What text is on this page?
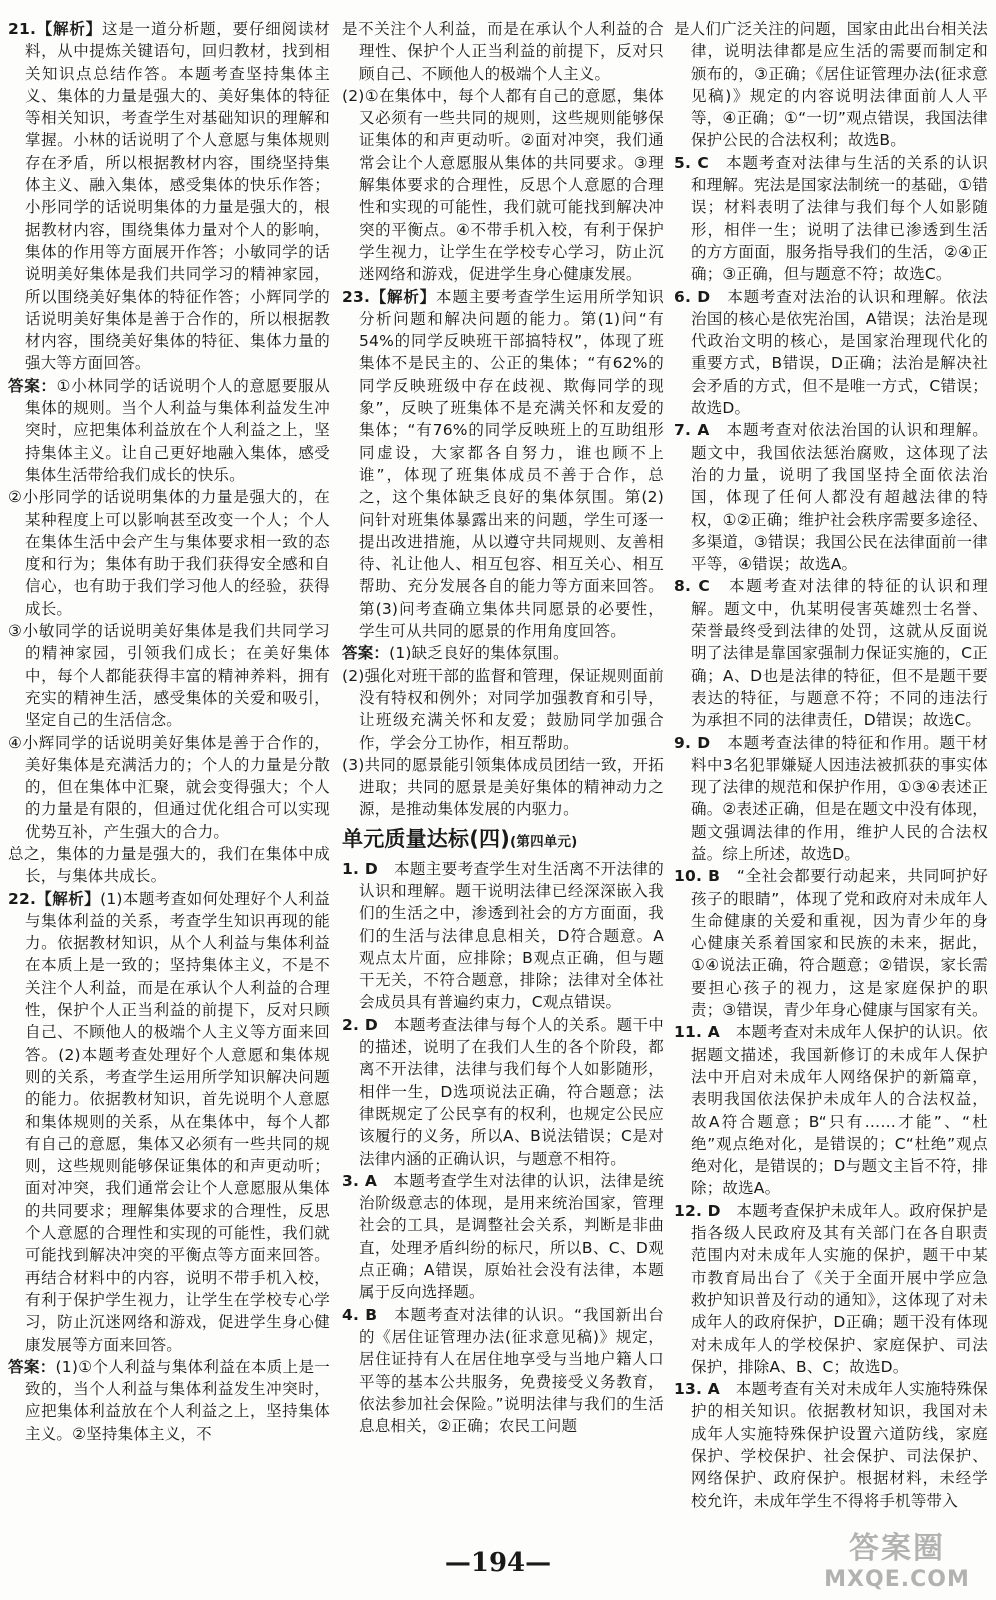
21.【解析】这是一道分析题，要仔细阅读材料，从中提炼关键语句，回归教材，找到相关知识点总结作答。本题考查坚持集体主义、集体的力量是强大的、美好集体的特征等相关知识，考查学生对基础知识的理解和掌握。小林的话说明了个人意愿与集体规则存在矛盾，所以根据教材内容，围绕坚持集体主义、融入集体，感受集体的快乐作答；小彤同学的话说明集体的力量是强大的，根据教材内容，围绕集体力量对个人的影响，集体的作用等方面展开作答；小敏同学的话说明美好集体是我们共同学习的精神家园，所以围绕美好集体的特征作答；小辉同学的话说明美好集体是善于合作的，所以根据教材内容，围绕美好集体的特征、集体力量的强大等方面回答。

答案：①小林同学的话说明个人的意愿要服从集体的规则。当个人利益与集体利益发生冲突时，应把集体利益放在个人利益之上，坚持集体主义。让自己更好地融入集体，感受集体生活带给我们成长的快乐。

②小彤同学的话说明集体的力量是强大的，在某种程度上可以影响甚至改变一个人；个人在集体生活中会产生与集体要求相一致的态度和行为；集体有助于我们获得安全感和自信心，也有助于我们学习他人的经验，获得成长。

③小敏同学的话说明美好集体是我们共同学习的精神家园，引领我们成长；在美好集体中，每个人都能获得丰富的精神养料，拥有充实的精神生活，感受集体的关爱和吸引，坚定自己的生活信念。

④小辉同学的话说明美好集体是善于合作的，美好集体是充满活力的；个人的力量是分散的，但在集体中汇聚，就会变得强大；个人的力量是有限的，但通过优化组合可以实现优势互补，产生强大的合力。

总之，集体的力量是强大的，我们在集体中成长，与集体共成长。

22.【解析】(1)本题考查如何处理好个人利益与集体利益的关系，考查学生知识再现的能力。依据教材知识，从个人利益与集体利益在本质上是一致的；坚持集体主义，不是不关注个人利益，而是在承认个人利益的合理性，保护个人正当利益的前提下，反对只顾自己、不顾他人的极端个人主义等方面来回答。(2)本题考查处理好个人意愿和集体规则的关系，考查学生运用所学知识解决问题的能力。依据教材知识，首先说明个人意愿和集体规则的关系，从在集体中，每个人都有自己的意愿，集体又必须有一些共同的规则，这些规则能够保证集体的和声更动听；面对冲突，我们通常会让个人意愿服从集体的共同要求；理解集体要求的合理性，反思个人意愿的合理性和实现的可能性，我们就可能找到解决冲突的平衡点等方面来回答。再结合材料中的内容，说明不带手机入校，有利于保护学生视力，让学生在学校专心学习，防止沉迷网络和游戏，促进学生身心健康发展等方面来回答。

答案：(1)①个人利益与集体利益在本质上是一致的，当个人利益与集体利益发生冲突时，应把集体利益放在个人利益之上，坚持集体主义。②坚持集体主义，不

是不关注个人利益，而是在承认个人利益的合理性、保护个人正当利益的前提下，反对只顾自己、不顾他人的极端个人主义。

(2)①在集体中，每个人都有自己的意愿，集体又必须有一些共同的规则，这些规则能够保证集体的和声更动听。②面对冲突，我们通常会让个人意愿服从集体的共同要求。③理解集体要求的合理性，反思个人意愿的合理性和实现的可能性，我们就可能找到解决冲突的平衡点。④不带手机入校，有利于保护学生视力，让学生在学校专心学习，防止沉迷网络和游戏，促进学生身心健康发展。

23.【解析】本题主要考查学生运用所学知识分析问题和解决问题的能力。第(1)问“有54%的同学反映班干部搞特权”，体现了班集体不是民主的、公正的集体；“有62%的同学反映班级中存在歧视、欺侮同学的现象”，反映了班集体不是充满关怀和友爱的集体；“有76%的同学反映班上的互助组形同虚设，大家都各自努力，谁也顾不上谁”，体现了班集体成员不善于合作，总之，这个集体缺乏良好的集体氛围。第(2)问针对班集体暴露出来的问题，学生可逐一提出改进措施，从以遵守共同规则、友善相待、礼让他人、相互包容、相互关心、相互帮助、充分发展各自的能力等方面来回答。第(3)问考查确立集体共同愿景的必要性，学生可从共同的愿景的作用角度回答。

答案：(1)缺乏良好的集体氛围。

(2)强化对班干部的监督和管理，保证规则面前没有特权和例外；对同学加强教育和引导，让班级充满关怀和友爱；鼓励同学加强合作，学会分工协作，相互帮助。

(3)共同的愿景能引领集体成员团结一致，开拓进取；共同的愿景是美好集体的精神动力之源，是推动集体发展的内驱力。

单元质量达标(四)(第四单元)

1. D　本题主要考查学生对生活离不开法律的认识和理解。题干说明法律已经深深嵌入我们的生活之中，渗透到社会的方方面面，我们的生活与法律息息相关，D符合题意。A观点太片面，应排除；B观点正确，但与题干无关，不符合题意，排除；法律对全体社会成员具有普遍约束力，C观点错误。

2. D　本题考查法律与每个人的关系。题干中的描述，说明了在我们人生的各个阶段，都离不开法律，法律与我们每个人如影随形，相伴一生，D选项说法正确，符合题意；法律既规定了公民享有的权利，也规定公民应该履行的义务，所以A、B说法错误；C是对法律内涵的正确认识，与题意不相符。

3. A　本题考查学生对法律的认识，法律是统治阶级意志的体现，是用来统治国家，管理社会的工具，是调整社会关系，判断是非曲直，处理矛盾纠纷的标尺，所以B、C、D观点正确；A错误，原始社会没有法律，本题属于反向选择题。

4. B　本题考查对法律的认识。“我国新出台的《居住证管理办法(征求意见稿)》规定，居住证持有人在居住地享受与当地户籍人口平等的基本公共服务，免费接受义务教育，依法参加社会保险。”说明法律与我们的生活息息相关，②正确；农民工问题

是人们广泛关注的问题，国家由此出台相关法律，说明法律都是应生活的需要而制定和颁布的，③正确；《居住证管理办法(征求意见稿)》规定的内容说明法律面前人人平等，④正确；①“一切”观点错误，我国法律保护公民的合法权利；故选B。

5. C　本题考查对法律与生活的关系的认识和理解。宪法是国家法制统一的基础，①错误；材料表明了法律与我们每个人如影随形，相伴一生；说明了法律已渗透到生活的方方面面，服务指导我们的生活，②④正确；③正确，但与题意不符；故选C。

6. D　本题考查对法治的认识和理解。依法治国的核心是依宪治国，A错误；法治是现代政治文明的核心，是国家治理现代化的重要方式，B错误，D正确；法治是解决社会矛盾的方式，但不是唯一方式，C错误；故选D。

7. A　本题考查对依法治国的认识和理解。题文中，我国依法惩治腐败，这体现了法治的力量，说明了我国坚持全面依法治国，体现了任何人都没有超越法律的特权，①②正确；维护社会秩序需要多途径、多渠道，③错误；我国公民在法律面前一律平等，④错误；故选A。

8. C　本题考查对法律的特征的认识和理解。题文中，仇某明侵害英雄烈士名誉、荣誉最终受到法律的处罚，这就从反面说明了法律是靠国家强制力保证实施的，C正确；A、D也是法律的特征，但不是题干要表达的特征，与题意不符；不同的违法行为承担不同的法律责任，D错误；故选C。

9. D　本题考查法律的特征和作用。题干材料中3名犯罪嫌疑人因违法被抓获的事实体现了法律的规范和保护作用，①③④表述正确。②表述正确，但是在题文中没有体现，题文强调法律的作用，维护人民的合法权益。综上所述，故选D。

10. B　“全社会都要行动起来，共同呵护好孩子的眼睛”，体现了党和政府对未成年人生命健康的关爱和重视，因为青少年的身心健康关系着国家和民族的未来，据此，①④说法正确，符合题意；②错误，家长需要担心孩子的视力，这是家庭保护的职责；③错误，青少年身心健康与国家有关。

11. A　本题考查对未成年人保护的认识。依据题文描述，我国新修订的未成年人保护法中开启对未成年人网络保护的新篇章，表明我国依法保护未成年人的合法权益，故A符合题意；B“只有……才能”、“杜绝”观点绝对化，是错误的；C“杜绝”观点绝对化，是错误的；D与题文主旨不符，排除；故选A。

12. D　本题考查保护未成年人。政府保护是指各级人民政府及其有关部门在各自职责范围内对未成年人实施的保护，题干中某市教育局出台了《关于全面开展中学应急救护知识普及行动的通知》，这体现了对未成年人的政府保护，D正确；题干没有体现对未成年人的学校保护、家庭保护、司法保护，排除A、B、C；故选D。

13. A　本题考查有关对未成年人实施特殊保护的相关知识。依据教材知识，我国对未成年人实施特殊保护设置六道防线，家庭保护、学校保护、社会保护、司法保护、网络保护、政府保护。根据材料，未经学校允许，未成年学生不得将手机等带入

—194—	答案圈
MXQE.COM
